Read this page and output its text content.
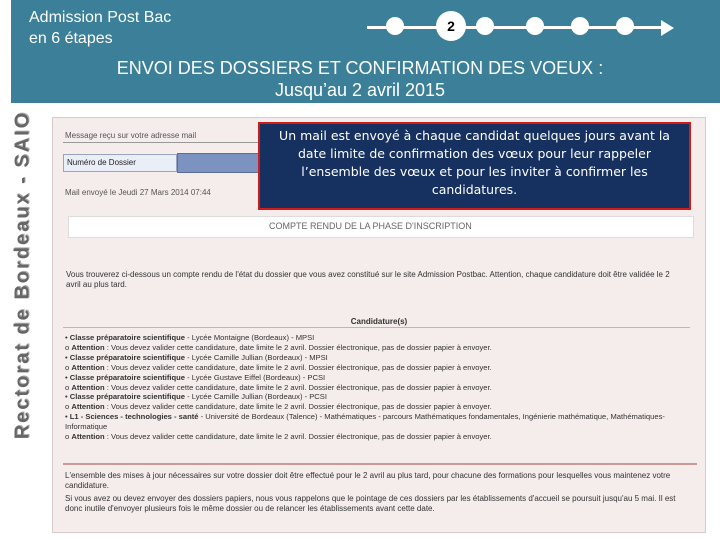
Admission Post Bac
en 6 étapes
2
ENVOI DES DOSSIERS ET CONFIRMATION DES VOEUX :
Jusqu’au 2 avril 2015
Rectorat de Bordeaux - SAIO	Message reçu sur votre adresse mail
Numéro de Dossier
Mail envoyé le Jeudi 27 Mars 2014 07:44
COMPTE RENDU DE LA PHASE D'INSCRIPTION
Vous trouverez ci-dessous un compte rendu de l'état du dossier que vous avez constitué sur le site Admission Postbac. Attention, chaque candidature doit être validée le 2 avril au plus tard.
Candidature(s)
• Classe préparatoire scientifique - Lycée Montaigne (Bordeaux) - MPSI
o Attention : Vous devez valider cette candidature, date limite le 2 avril. Dossier électronique, pas de dossier papier à envoyer.
• Classe préparatoire scientifique - Lycée Camille Jullian (Bordeaux) - MPSI
o Attention : Vous devez valider cette candidature, date limite le 2 avril. Dossier électronique, pas de dossier papier à envoyer.
• Classe préparatoire scientifique - Lycée Gustave Eiffel (Bordeaux) - PCSI
o Attention : Vous devez valider cette candidature, date limite le 2 avril. Dossier électronique, pas de dossier papier à envoyer.
• Classe préparatoire scientifique - Lycée Camille Jullian (Bordeaux) - PCSI
o Attention : Vous devez valider cette candidature, date limite le 2 avril. Dossier électronique, pas de dossier papier à envoyer.
• L1 - Sciences - technologies - santé - Université de Bordeaux (Talence) - Mathématiques - parcours Mathématiques fondamentales, Ingénierie mathématique, Mathématiques-Informatique
o Attention : Vous devez valider cette candidature, date limite le 2 avril. Dossier électronique, pas de dossier papier à envoyer.
L'ensemble des mises à jour nécessaires sur votre dossier doit être effectué pour le 2 avril au plus tard, pour chacune des formations pour lesquelles vous maintenez votre candidature.
Si vous avez ou devez envoyer des dossiers papiers, nous vous rappelons que le pointage de ces dossiers par les établissements d'accueil se poursuit jusqu'au 5 mai. Il est donc inutile d'envoyer plusieurs fois le même dossier ou de relancer les établissements avant cette date.
Un mail est envoyé à chaque candidat quelques jours avant la date limite de confirmation des vœux pour leur rappeler l’ensemble des vœux et pour les inviter à confirmer les candidatures.
